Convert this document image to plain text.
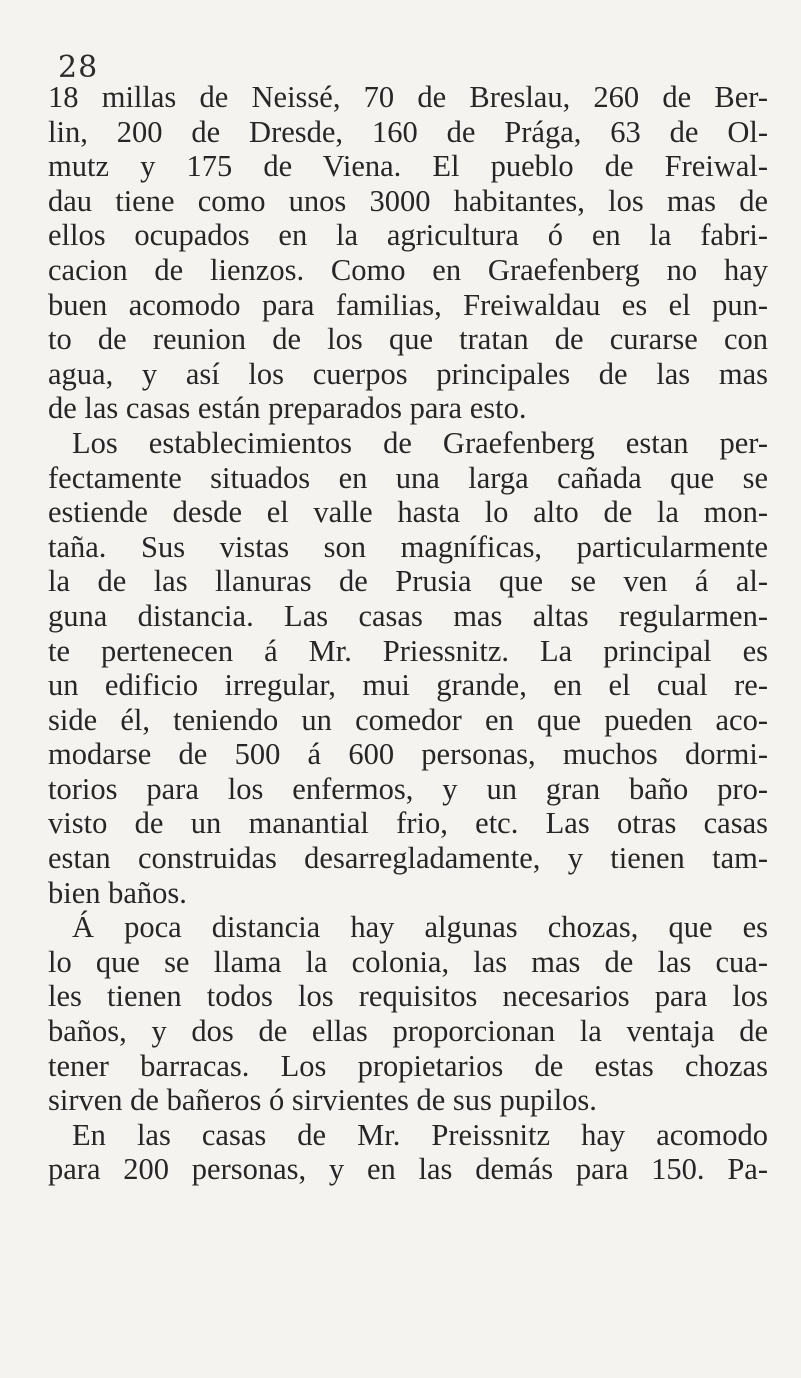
28
18 millas de Neissé, 70 de Breslau, 260 de Ber-
lin, 200 de Dresde, 160 de Prága, 63 de Ol-
mutz y 175 de Viena. El pueblo de Freiwal-
dau tiene como unos 3000 habitantes, los mas de
ellos ocupados en la agricultura ó en la fabri-
cacion de lienzos. Como en Graefenberg no hay
buen acomodo para familias, Freiwaldau es el pun-
to de reunion de los que tratan de curarse con
agua, y así los cuerpos principales de las mas
de las casas están preparados para esto.
Los establecimientos de Graefenberg estan per-
fectamente situados en una larga cañada que se
estiende desde el valle hasta lo alto de la mon-
taña. Sus vistas son magníficas, particularmente
la de las llanuras de Prusia que se ven á al-
guna distancia. Las casas mas altas regularmen-
te pertenecen á Mr. Priessnitz. La principal es
un edificio irregular, mui grande, en el cual re-
side él, teniendo un comedor en que pueden aco-
modarse de 500 á 600 personas, muchos dormi-
torios para los enfermos, y un gran baño pro-
visto de un manantial frio, etc. Las otras casas
estan construidas desarregladamente, y tienen tam-
bien baños.
Á poca distancia hay algunas chozas, que es
lo que se llama la colonia, las mas de las cua-
les tienen todos los requisitos necesarios para los
baños, y dos de ellas proporcionan la ventaja de
tener barracas. Los propietarios de estas chozas
sirven de bañeros ó sirvientes de sus pupilos.
En las casas de Mr. Preissnitz hay acomodo
para 200 personas, y en las demás para 150. Pa-
